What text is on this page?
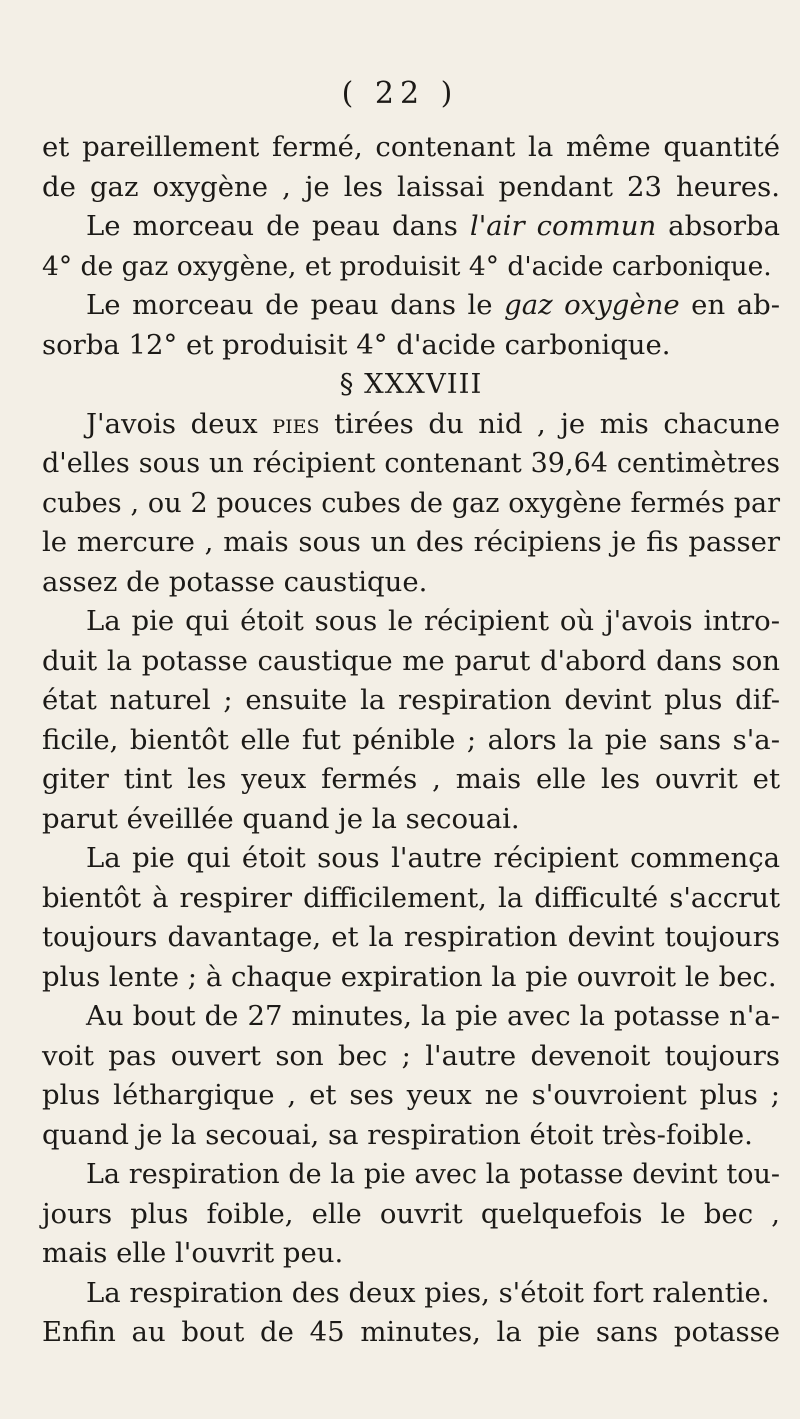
( 22 )
et pareillement fermé, contenant la même quantité
de gaz oxygène , je les laissai pendant 23 heures.
Le morceau de peau dans l'air commun absorba
4° de gaz oxygène, et produisit 4° d'acide carbonique.
Le morceau de peau dans le gaz oxygène en ab-
sorba 12° et produisit 4° d'acide carbonique.
§ XXXVIII
J'avois deux pies tirées du nid , je mis chacune
d'elles sous un récipient contenant 39,64 centimètres
cubes , ou 2 pouces cubes de gaz oxygène fermés par
le mercure , mais sous un des récipiens je fis passer
assez de potasse caustique.
La pie qui étoit sous le récipient où j'avois intro-
duit la potasse caustique me parut d'abord dans son
état naturel ; ensuite la respiration devint plus dif-
ficile, bientôt elle fut pénible ; alors la pie sans s'a-
giter tint les yeux fermés , mais elle les ouvrit et
parut éveillée quand je la secouai.
La pie qui étoit sous l'autre récipient commença
bientôt à respirer difficilement, la difficulté s'accrut
toujours davantage, et la respiration devint toujours
plus lente ; à chaque expiration la pie ouvroit le bec.
Au bout de 27 minutes, la pie avec la potasse n'a-
voit pas ouvert son bec ; l'autre devenoit toujours
plus léthargique , et ses yeux ne s'ouvroient plus ;
quand je la secouai, sa respiration étoit très-foible.
La respiration de la pie avec la potasse devint tou-
jours plus foible, elle ouvrit quelquefois le bec ,
mais elle l'ouvrit peu.
La respiration des deux pies, s'étoit fort ralentie.
Enfin au bout de 45 minutes, la pie sans potasse
